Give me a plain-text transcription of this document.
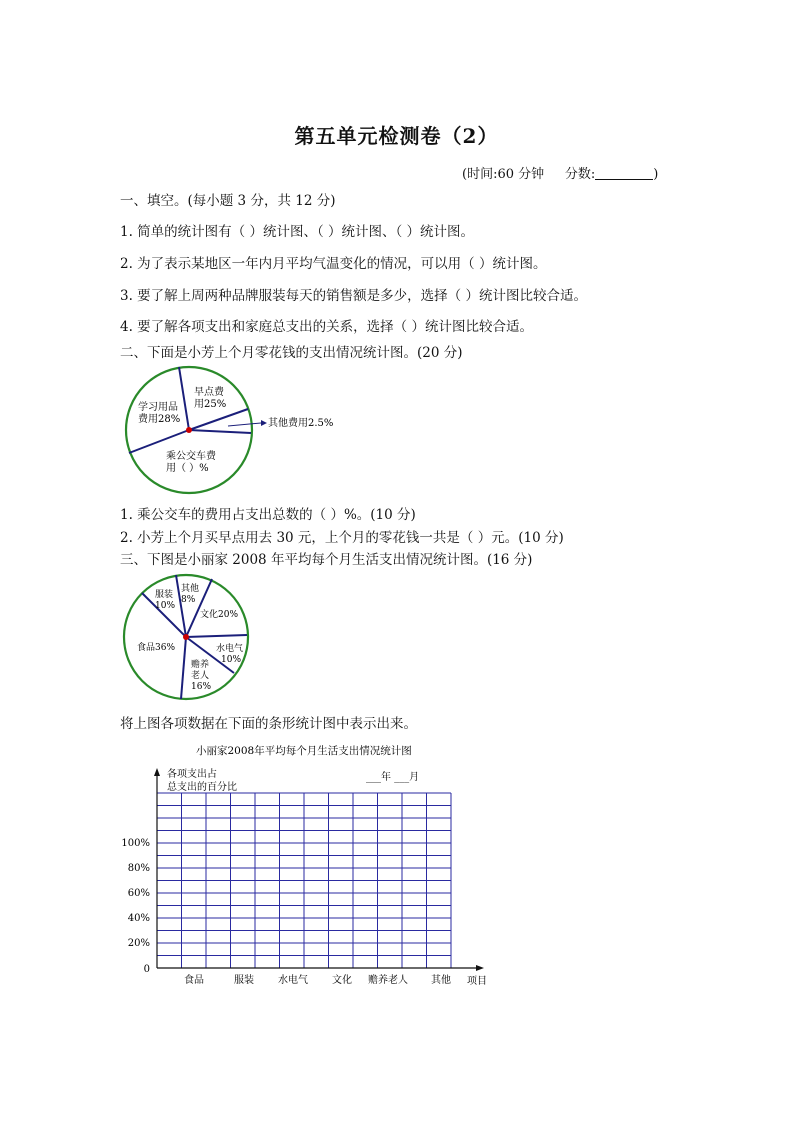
第五单元检测卷（2）
(时间:60 分钟 分数:	)
一、填空。(每小题 3 分，共 12 分)
1. 简单的统计图有（ ）统计图、（ ）统计图、（ ）统计图。
2. 为了表示某地区一年内月平均气温变化的情况，可以用（ ）统计图。
3. 要了解上周两种品牌服装每天的销售额是多少，选择（ ）统计图比较合适。
4. 要了解各项支出和家庭总支出的关系，选择（ ）统计图比较合适。
二、下面是小芳上个月零花钱的支出情况统计图。(20 分)
早点费
用25%
学习用品
费用28%
乘公交车费
用（ ）%
其他费用2.5%
1. 乘公交车的费用占支出总数的（ ）%。(10 分)
2. 小芳上个月买早点用去 30 元，上个月的零花钱一共是（ ）元。(10 分)
三、下图是小丽家 2008 年平均每个月生活支出情况统计图。(16 分)
服装
10%
其他
8%
文化20%
食品36%	水电气
10%
赡养
老人
16%
将上图各项数据在下面的条形统计图中表示出来。
小丽家2008年平均每个月生活支出情况统计图
各项支出占
总支出的百分比
___年 ___月
100%
80%
60%
40%
20%
0
食品	服装 水电气 文化 赡养老人 其他 项目
